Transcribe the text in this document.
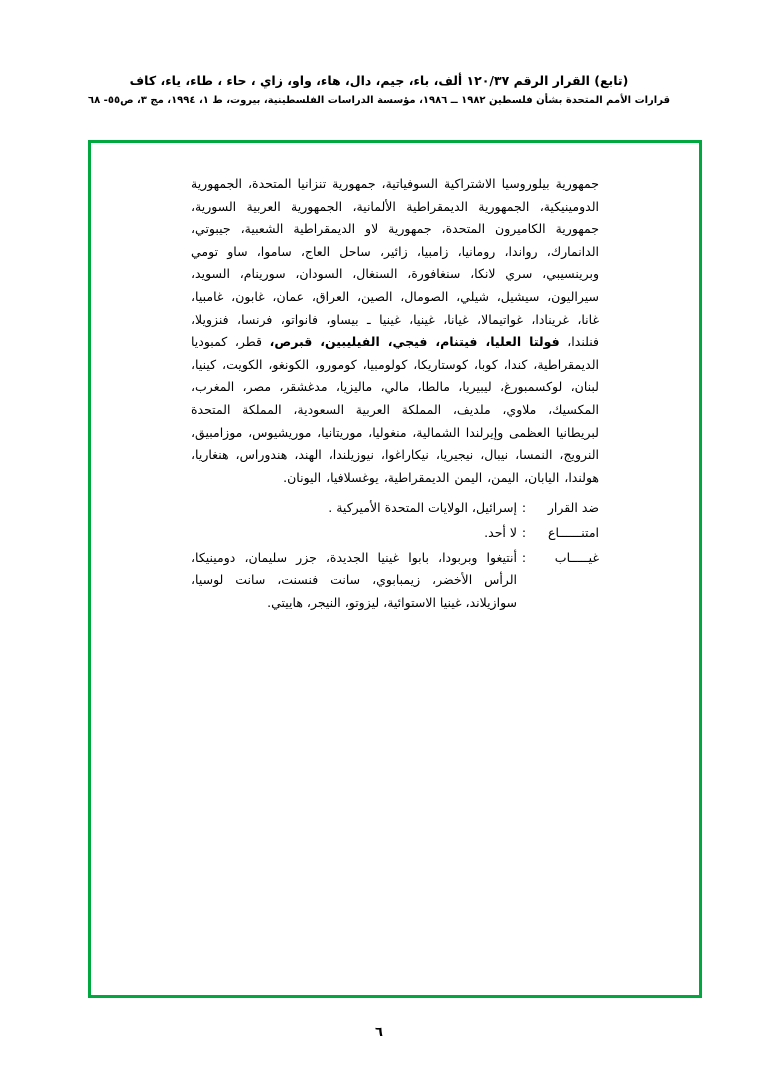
(تابع) القرار الرقم ١٢٠/٣٧ ألف، باء، جيم، دال، هاء، واو، زاي ، حاء ، طاء، ياء، كاف
قرارات الأمم المتحدة بشأن فلسطين ١٩٨٢ ــ ١٩٨٦، مؤسسة الدراسات الفلسطينية، بيروت، ط ١، ١٩٩٤، مج ٣، ص٥٥- ٦٨
جمهورية بيلوروسيا الاشتراكية السوفياتية، جمهورية تنزانيا المتحدة، الجمهورية الدومينيكية، الجمهورية الديمقراطية الألمانية، الجمهورية العربية السورية، جمهورية الكاميرون المتحدة، جمهورية لاو الديمقراطية الشعبية، جيبوتي، الدانمارك، رواندا، رومانيا، زامبيا، زائير، ساحل العاج، ساموا، ساو تومي وبرينسيبي، سري لانكا، سنغافورة، السنغال، السودان، سورينام، السويد، سيراليون، سيشيل، شيلي، الصومال، الصين، العراق، عمان، غابون، غامبيا، غانا، غرينادا، غواتيمالا، غيانا، غينيا، غينيا ـ بيساو، فانواتو، فرنسا، فنزويلا، فنلندا، فولتا العليا، فيتنام، فيجي، الفيليبين، قبرص، قطر، كمبوديا الديمقراطية، كندا، كوبا، كوستاريكا، كولومبيا، كومورو، الكونغو، الكويت، كينيا، لبنان، لوكسمبورغ، ليبيريا، مالطا، مالي، ماليزيا، مدغشقر، مصر، المغرب، المكسيك، ملاوي، ملديف، المملكة العربية السعودية، المملكة المتحدة لبريطانيا العظمى وإيرلندا الشمالية، منغوليا، موريتانيا، موريشيوس، موزامبيق، النرويج، النمسا، نيبال، نيجيريا، نيكاراغوا، نيوزيلندا، الهند، هندوراس، هنغاريا، هولندا، اليابان، اليمن، اليمن الديمقراطية، يوغسلافيا، اليونان.
ضد القرار
:
إسرائيل، الولايات المتحدة الأميركية .
امتنــــــاع
:
لا أحد.
غيـــــاب
:
أنتيغوا وبربودا، بابوا غينيا الجديدة، جزر سليمان، دومينيكا، الرأس الأخضر، زيمبابوي، سانت فنسنت، سانت لوسيا، سوازيلاند، غينيا الاستوائية، ليزوتو، النيجر، هاييتي.
٦
